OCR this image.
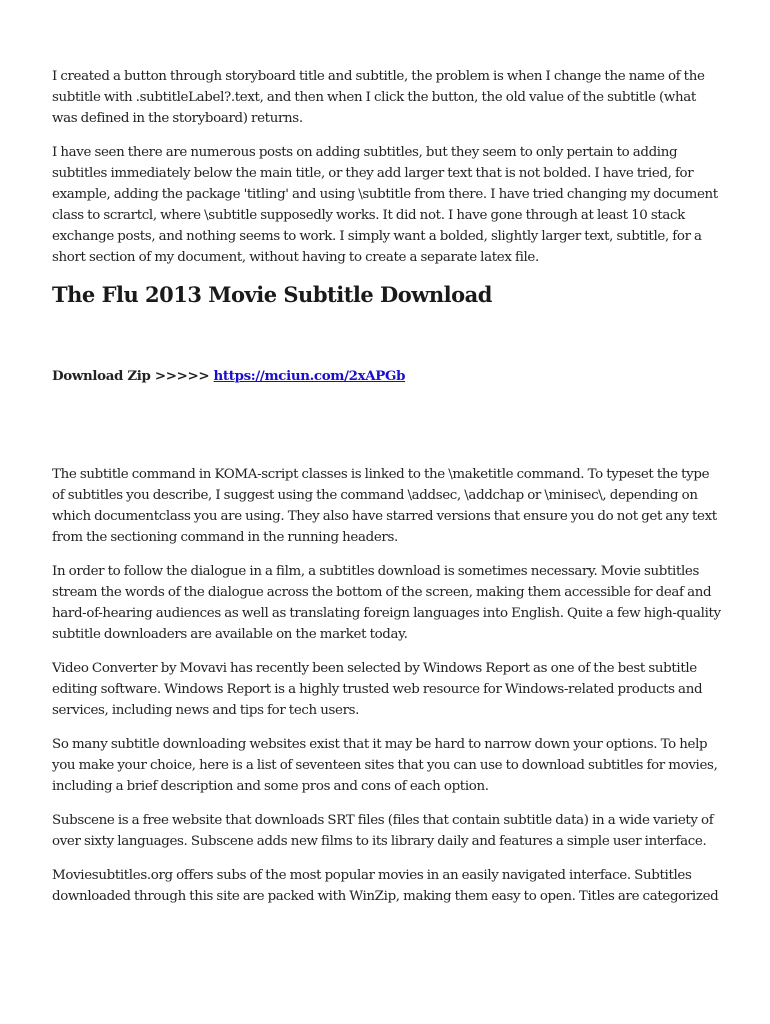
I created a button through storyboard title and subtitle, the problem is when I change the name of the subtitle with .subtitleLabel?.text, and then when I click the button, the old value of the subtitle (what was defined in the storyboard) returns.

I have seen there are numerous posts on adding subtitles, but they seem to only pertain to adding subtitles immediately below the main title, or they add larger text that is not bolded. I have tried, for example, adding the package 'titling' and using \subtitle from there. I have tried changing my document class to scrartcl, where \subtitle supposedly works. It did not. I have gone through at least 10 stack exchange posts, and nothing seems to work. I simply want a bolded, slightly larger text, subtitle, for a short section of my document, without having to create a separate latex file.

The Flu 2013 Movie Subtitle Download

Download Zip >>>>> https://mciun.com/2xAPGb

The subtitle command in KOMA-script classes is linked to the \maketitle command. To typeset the type of subtitles you describe, I suggest using the command \addsec, \addchap or \minisec\, depending on which documentclass you are using. They also have starred versions that ensure you do not get any text from the sectioning command in the running headers.

In order to follow the dialogue in a film, a subtitles download is sometimes necessary. Movie subtitles stream the words of the dialogue across the bottom of the screen, making them accessible for deaf and hard-of-hearing audiences as well as translating foreign languages into English. Quite a few high-quality subtitle downloaders are available on the market today.

Video Converter by Movavi has recently been selected by Windows Report as one of the best subtitle editing software. Windows Report is a highly trusted web resource for Windows-related products and services, including news and tips for tech users.

So many subtitle downloading websites exist that it may be hard to narrow down your options. To help you make your choice, here is a list of seventeen sites that you can use to download subtitles for movies, including a brief description and some pros and cons of each option.

Subscene is a free website that downloads SRT files (files that contain subtitle data) in a wide variety of over sixty languages. Subscene adds new films to its library daily and features a simple user interface.

Moviesubtitles.org offers subs of the most popular movies in an easily navigated interface. Subtitles downloaded through this site are packed with WinZip, making them easy to open. Titles are categorized
